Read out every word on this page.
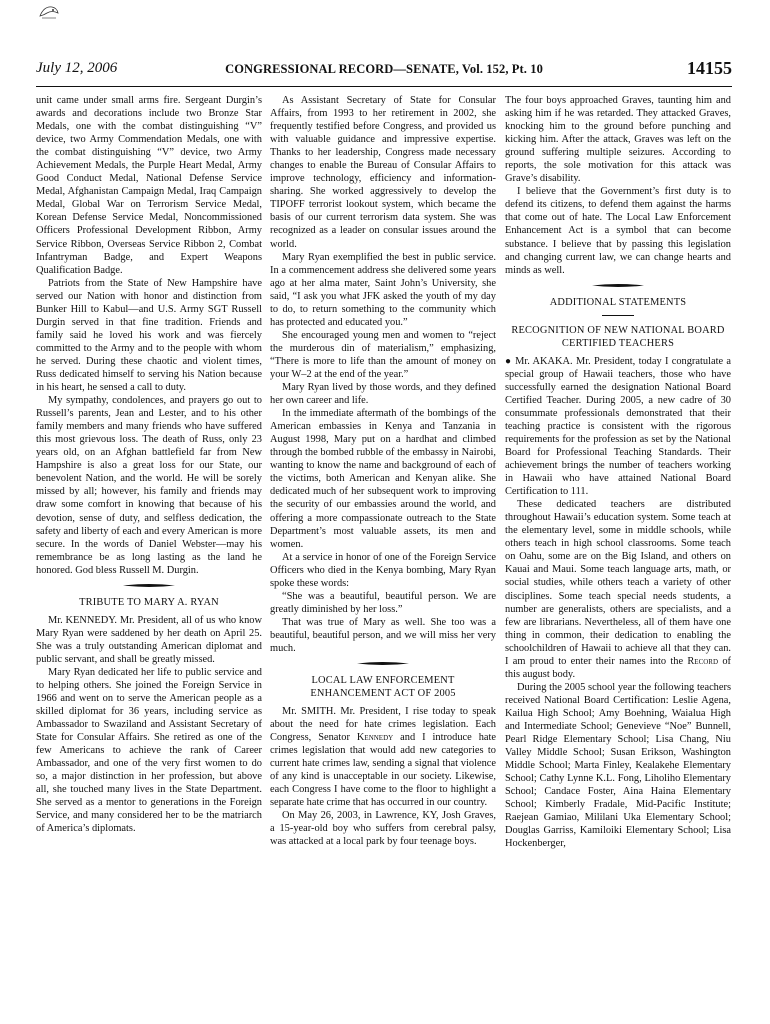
July 12, 2006	CONGRESSIONAL RECORD—SENATE, Vol. 152, Pt. 10	14155

unit came under small arms fire. Sergeant Durgin’s awards and decorations include two Bronze Star Medals, one with the combat distinguishing “V” device, two Army Commendation Medals, one with the combat distinguishing “V” device, two Army Achievement Medals, the Purple Heart Medal, Army Good Conduct Medal, National Defense Service Medal, Afghanistan Campaign Medal, Iraq Campaign Medal, Global War on Terrorism Service Medal, Korean Defense Service Medal, Noncommissioned Officers Professional Development Ribbon, Army Service Ribbon, Overseas Service Ribbon 2, Combat Infantryman Badge, and Expert Weapons Qualification Badge.

Patriots from the State of New Hampshire have served our Nation with honor and distinction from Bunker Hill to Kabul—and U.S. Army SGT Russell Durgin served in that fine tradition. Friends and family said he loved his work and was fiercely committed to the Army and to the people with whom he served. During these chaotic and violent times, Russ dedicated himself to serving his Nation because in his heart, he sensed a call to duty.

My sympathy, condolences, and prayers go out to Russell’s parents, Jean and Lester, and to his other family members and many friends who have suffered this most grievous loss. The death of Russ, only 23 years old, on an Afghan battlefield far from New Hampshire is also a great loss for our State, our benevolent Nation, and the world. He will be sorely missed by all; however, his family and friends may draw some comfort in knowing that because of his devotion, sense of duty, and selfless dedication, the safety and liberty of each and every American is more secure. In the words of Daniel Webster—may his remembrance be as long lasting as the land he honored. God bless Russell M. Durgin.

TRIBUTE TO MARY A. RYAN

Mr. KENNEDY. Mr. President, all of us who know Mary Ryan were saddened by her death on April 25. She was a truly outstanding American diplomat and public servant, and shall be greatly missed.

Mary Ryan dedicated her life to public service and to helping others. She joined the Foreign Service in 1966 and went on to serve the American people as a skilled diplomat for 36 years, including service as Ambassador to Swaziland and Assistant Secretary of State for Consular Affairs. She retired as one of the few Americans to achieve the rank of Career Ambassador, and one of the very first women to do so, a major distinction in her profession, but above all, she touched many lives in the State Department. She served as a mentor to generations in the Foreign Service, and many considered her to be the matriarch of America’s diplomats.

As Assistant Secretary of State for Consular Affairs, from 1993 to her retirement in 2002, she frequently testified before Congress, and provided us with valuable guidance and impressive expertise. Thanks to her leadership, Congress made necessary changes to enable the Bureau of Consular Affairs to improve technology, efficiency and information-sharing. She worked aggressively to develop the TIPOFF terrorist lookout system, which became the basis of our current terrorism data system. She was recognized as a leader on consular issues around the world.

Mary Ryan exemplified the best in public service. In a commencement address she delivered some years ago at her alma mater, Saint John’s University, she said, “I ask you what JFK asked the youth of my day to do, to return something to the community which has protected and educated you.”

She encouraged young men and women to “reject the murderous din of materialism,” emphasizing, “There is more to life than the amount of money on your W–2 at the end of the year.”

Mary Ryan lived by those words, and they defined her own career and life.

In the immediate aftermath of the bombings of the American embassies in Kenya and Tanzania in August 1998, Mary put on a hardhat and climbed through the bombed rubble of the embassy in Nairobi, wanting to know the name and background of each of the victims, both American and Kenyan alike. She dedicated much of her subsequent work to improving the security of our embassies around the world, and offering a more compassionate outreach to the State Department’s most valuable assets, its men and women.

At a service in honor of one of the Foreign Service Officers who died in the Kenya bombing, Mary Ryan spoke these words:

“She was a beautiful, beautiful person. We are greatly diminished by her loss.”

That was true of Mary as well. She too was a beautiful, beautiful person, and we will miss her very much.

LOCAL LAW ENFORCEMENT ENHANCEMENT ACT OF 2005

Mr. SMITH. Mr. President, I rise today to speak about the need for hate crimes legislation. Each Congress, Senator Kennedy and I introduce hate crimes legislation that would add new categories to current hate crimes law, sending a signal that violence of any kind is unacceptable in our society. Likewise, each Congress I have come to the floor to highlight a separate hate crime that has occurred in our country.

On May 26, 2003, in Lawrence, KY, Josh Graves, a 15-year-old boy who suffers from cerebral palsy, was attacked at a local park by four teenage boys.

The four boys approached Graves, taunting him and asking him if he was retarded. They attacked Graves, knocking him to the ground before punching and kicking him. After the attack, Graves was left on the ground suffering multiple seizures. According to reports, the sole motivation for this attack was Grave’s disability.

I believe that the Government’s first duty is to defend its citizens, to defend them against the harms that come out of hate. The Local Law Enforcement Enhancement Act is a symbol that can become substance. I believe that by passing this legislation and changing current law, we can change hearts and minds as well.

ADDITIONAL STATEMENTS
RECOGNITION OF NEW NATIONAL BOARD CERTIFIED TEACHERS

● Mr. AKAKA. Mr. President, today I congratulate a special group of Hawaii teachers, those who have successfully earned the designation National Board Certified Teacher. During 2005, a new cadre of 30 consummate professionals demonstrated that their teaching practice is consistent with the rigorous requirements for the profession as set by the National Board for Professional Teaching Standards. Their achievement brings the number of teachers working in Hawaii who have attained National Board Certification to 111.

These dedicated teachers are distributed throughout Hawaii’s education system. Some teach at the elementary level, some in middle schools, while others teach in high school classrooms. Some teach on Oahu, some are on the Big Island, and others on Kauai and Maui. Some teach language arts, math, or social studies, while others teach a variety of other disciplines. Some teach special needs students, a number are generalists, others are specialists, and a few are librarians. Nevertheless, all of them have one thing in common, their dedication to enabling the schoolchildren of Hawaii to achieve all that they can. I am proud to enter their names into the Record of this august body.

During the 2005 school year the following teachers received National Board Certification: Leslie Agena, Kailua High School; Amy Boehning, Waialua High and Intermediate School; Genevieve “Noe” Bunnell, Pearl Ridge Elementary School; Lisa Chang, Niu Valley Middle School; Susan Erikson, Washington Middle School; Marta Finley, Kealakehe Elementary School; Cathy Lynne K.L. Fong, Liholiho Elementary School; Candace Foster, Aina Haina Elementary School; Kimberly Fradale, Mid-Pacific Institute; Raejean Gamiao, Mililani Uka Elementary School; Douglas Garriss, Kamiloiki Elementary School; Lisa Hockenberger,
